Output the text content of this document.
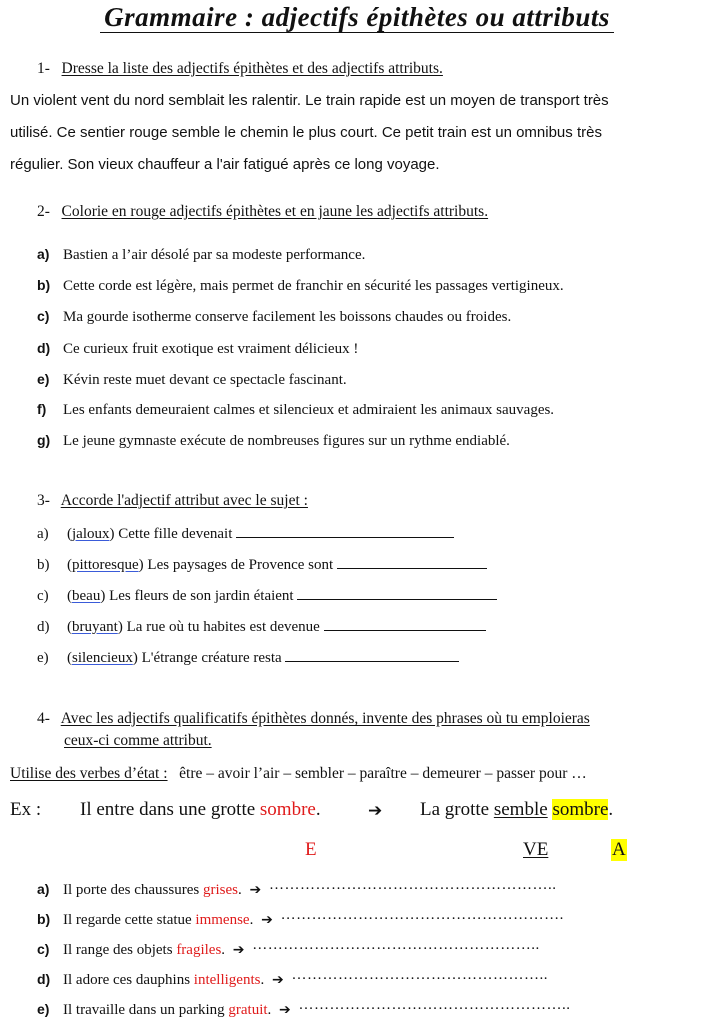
Grammaire : adjectifs épithètes ou attributs
1- Dresse la liste des adjectifs épithètes et des adjectifs attributs.
Un violent vent du nord semblait les ralentir. Le train rapide est un moyen de transport très
utilisé. Ce sentier rouge semble le chemin le plus court. Ce petit train est un omnibus très
régulier. Son vieux chauffeur a l'air fatigué après ce long voyage.
2- Colorie en rouge adjectifs épithètes et en jaune les adjectifs attributs.
a) Bastien a l’air désolé par sa modeste performance.
b) Cette corde est légère, mais permet de franchir en sécurité les passages vertigineux.
c) Ma gourde isotherme conserve facilement les boissons chaudes ou froides.
d) Ce curieux fruit exotique est vraiment délicieux !
e) Kévin reste muet devant ce spectacle fascinant.
f) Les enfants demeuraient calmes et silencieux et admiraient les animaux sauvages.
g) Le jeune gymnaste exécute de nombreuses figures sur un rythme endiablé.
3- Accorde l'adjectif attribut avec le sujet :
a) (jaloux) Cette fille devenait
b) (pittoresque) Les paysages de Provence sont
c) (beau) Les fleurs de son jardin étaient
d) (bruyant) La rue où tu habites est devenue
e) (silencieux) L'étrange créature resta
4- Avec les adjectifs qualificatifs épithètes donnés, invente des phrases où tu emploieras
ceux-ci comme attribut.
Utilise des verbes d’état : être – avoir l’air – sembler – paraître – demeurer – passer pour …
Ex : Il entre dans une grotte sombre.	➔ La grotte semble sombre.
E	VE	A
a) Il porte des chaussures grises. ➔ ………………………………………………..
b) Il regarde cette statue immense. ➔ ……………………………………………….
c) Il range des objets fragiles. ➔ ………………………………………………..
d) Il adore ces dauphins intelligents. ➔ …………………………………………..
e) Il travaille dans un parking gratuit. ➔ ……………………………………………..
